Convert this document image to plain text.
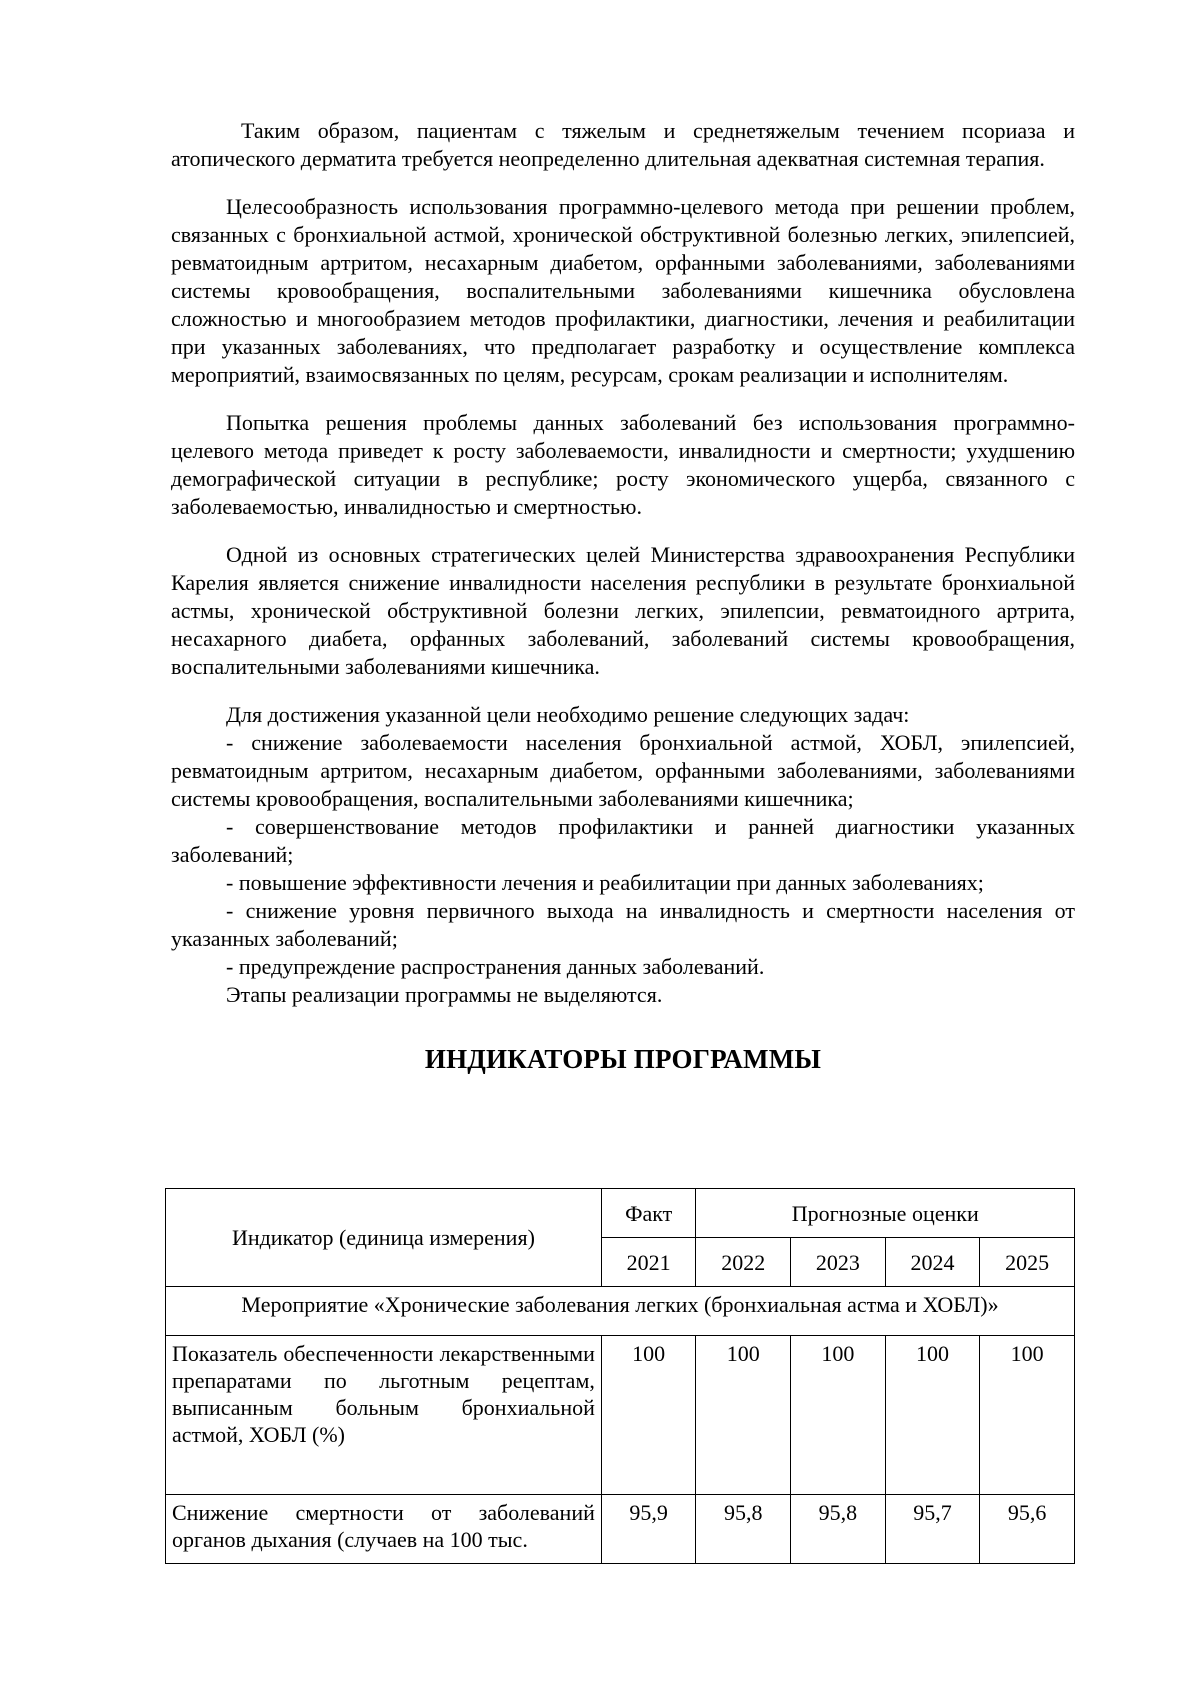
Таким образом, пациентам с тяжелым и среднетяжелым течением псориаза и атопического дерматита требуется неопределенно длительная адекватная системная терапия.

Целесообразность использования программно-целевого метода при решении проблем, связанных с бронхиальной астмой, хронической обструктивной болезнью легких, эпилепсией, ревматоидным артритом, несахарным диабетом, орфанными заболеваниями, заболеваниями системы кровообращения, воспалительными заболеваниями кишечника обусловлена сложностью и многообразием методов профилактики, диагностики, лечения и реабилитации при указанных заболеваниях, что предполагает разработку и осуществление комплекса мероприятий, взаимосвязанных по целям, ресурсам, срокам реализации и исполнителям.

Попытка решения проблемы данных заболеваний без использования программно-целевого метода приведет к росту заболеваемости, инвалидности и смертности; ухудшению демографической ситуации в республике; росту экономического ущерба, связанного с заболеваемостью, инвалидностью и смертностью.

Одной из основных стратегических целей Министерства здравоохранения Республики Карелия является снижение инвалидности населения республики в результате бронхиальной астмы, хронической обструктивной болезни легких, эпилепсии, ревматоидного артрита, несахарного диабета, орфанных заболеваний, заболеваний системы кровообращения, воспалительными заболеваниями кишечника.

Для достижения указанной цели необходимо решение следующих задач:

- снижение заболеваемости населения бронхиальной астмой, ХОБЛ, эпилепсией, ревматоидным артритом, несахарным диабетом, орфанными заболеваниями, заболеваниями системы кровообращения, воспалительными заболеваниями кишечника;

- совершенствование методов профилактики и ранней диагностики указанных заболеваний;

- повышение эффективности лечения и реабилитации при данных заболеваниях;

- снижение уровня первичного выхода на инвалидность и смертности населения от указанных заболеваний;

- предупреждение распространения данных заболеваний.

Этапы реализации программы не выделяются.

ИНДИКАТОРЫ ПРОГРАММЫ
Индикатор (единица измерения)	Факт	Прогнозные оценки			
	2021	2022	2023	2024	2025
Мероприятие «Хронические заболевания легких (бронхиальная астма и ХОБЛ)»					
Показатель обеспеченности лекарственными препаратами по льготным рецептам, выписанным больным бронхиальной астмой, ХОБЛ (%)	100	100	100	100	100
Снижение смертности от заболеваний органов дыхания (случаев на 100 тыс.	95,9	95,8	95,8	95,7	95,6
